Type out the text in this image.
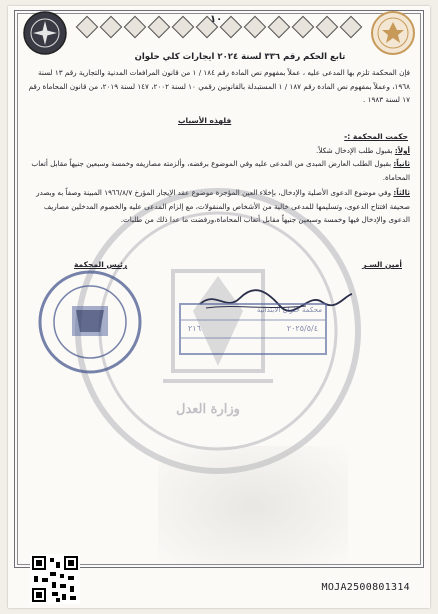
١٠
تابع الحكم رقم ٣٣٦ لسنة ٢٠٢٤ ايجارات كلي حلوان
فإن المحكمة تلزم بها المدعى عليه ، عملاً بمفهوم نص المادة رقم ١٨٤ / ١ من قانون المرافعات المدنية والتجارية رقم ١٣ لسنة ١٩٦٨، وعملاً بمفهوم نص المادة رقم ١٨٧ / ١ المستبدلة بالقانونين رقمي ١٠ لسنة ٢٠٠٢، ١٤٧ لسنة ٢٠١٩، من قانون المحاماة رقم ١٧ لسنة ١٩٨٣ .
فلهذه الأسباب
حكمت المحكمة :-
أولاً: بقبول طلب الإدخال شكلاً.
ثانياً: بقبول الطلب العارض المبدى من المدعى عليه وفي الموضوع برفضه، وألزمته مصاريفه وخمسة وسبعين جنيهاً مقابل أتعاب المحاماة.
ثالثاً: وفي موضوع الدعوى الأصلية والإدخال، بإخلاء العين المؤجرة موضوع عقد الإيجار المؤرخ ١٩٦٦/٨/٧ المبينة وصفاً به وبصدر صحيفة افتتاح الدعوى، وتسليمها للمدعى خالية من الأشخاص والمنقولات، مع إلزام المدعى عليه والخصوم المدخلين مصاريف الدعوى والإدخال فيها وخمسة وسبعين جنيهاً مقابل أتعاب المحاماة،ورفضت ما عدا ذلك من طلبات.
وزارة العدل
أمين السـر
رئيس المحكمة
محكمة حلوان الابتدائية
٢٠٢٥/٥/٤
٢١٦
MOJA2500801314
